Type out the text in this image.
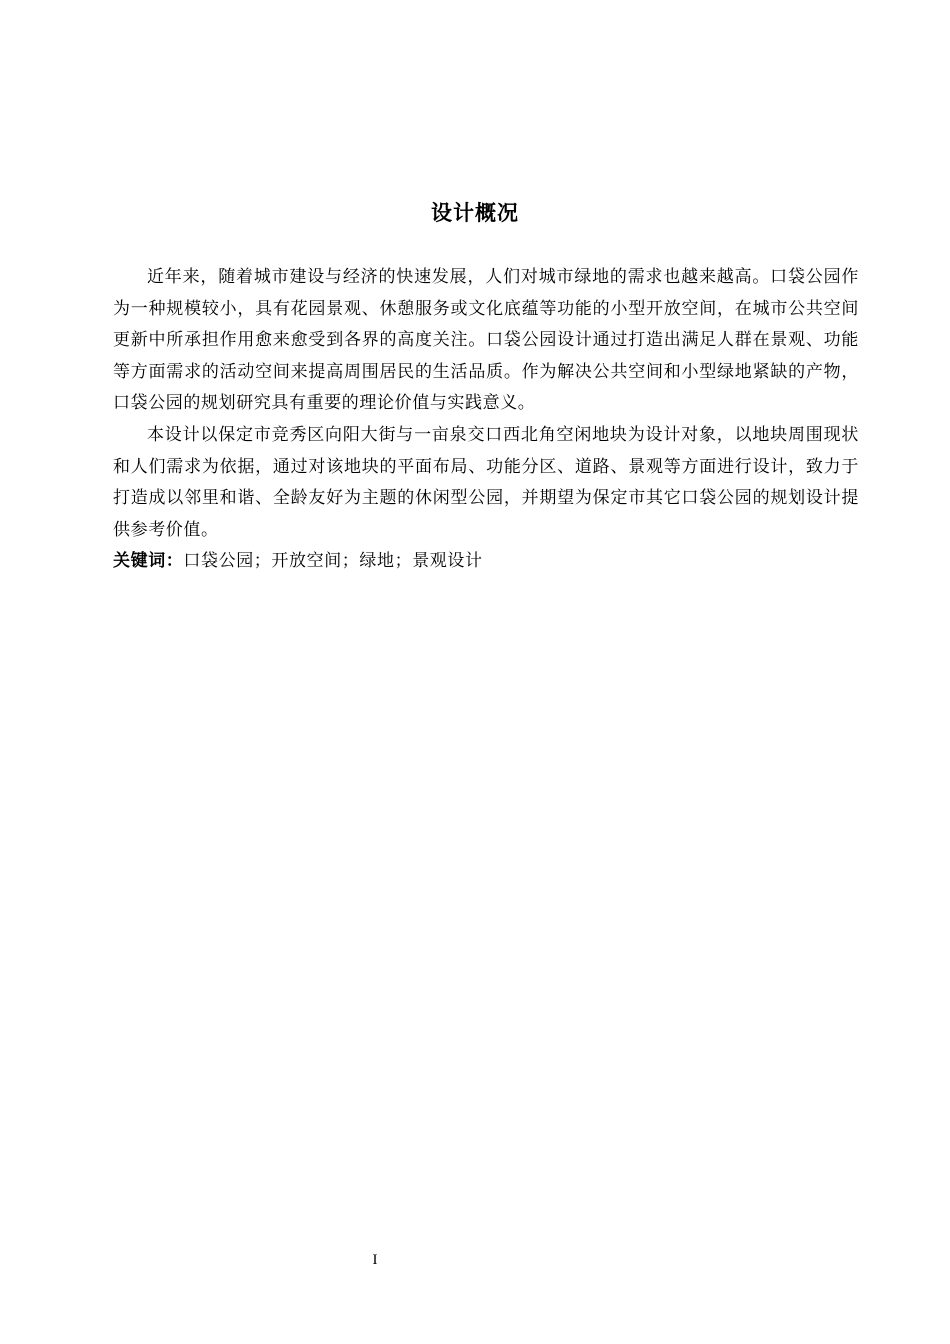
设计概况

近年来，随着城市建设与经济的快速发展，人们对城市绿地的需求也越来越高。口袋公园作为一种规模较小，具有花园景观、休憩服务或文化底蕴等功能的小型开放空间，在城市公共空间更新中所承担作用愈来愈受到各界的高度关注。口袋公园设计通过打造出满足人群在景观、功能等方面需求的活动空间来提高周围居民的生活品质。作为解决公共空间和小型绿地紧缺的产物，口袋公园的规划研究具有重要的理论价值与实践意义。

本设计以保定市竞秀区向阳大街与一亩泉交口西北角空闲地块为设计对象，以地块周围现状和人们需求为依据，通过对该地块的平面布局、功能分区、道路、景观等方面进行设计，致力于打造成以邻里和谐、全龄友好为主题的休闲型公园，并期望为保定市其它口袋公园的规划设计提供参考价值。

关键词：口袋公园；开放空间；绿地；景观设计

I
